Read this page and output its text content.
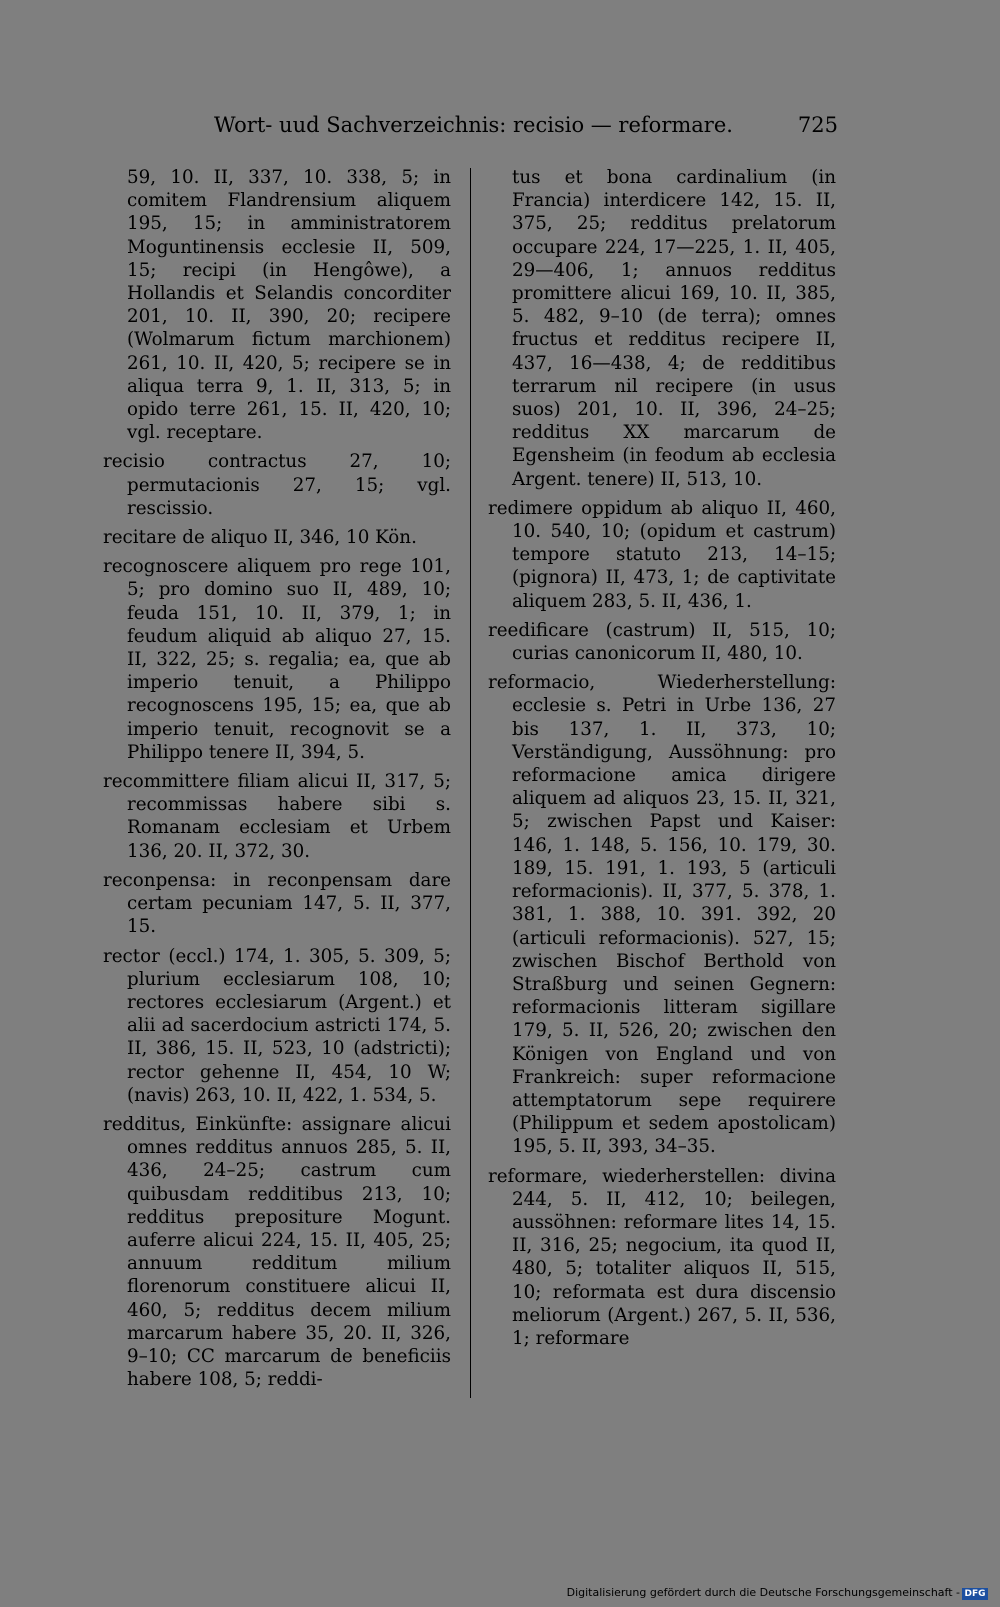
Wort- uud Sachverzeichnis: recisio — reformare.	725

59, 10. II, 337, 10. 338, 5; in comitem Flandrensium aliquem 195, 15; in amministratorem Moguntinensis ecclesie II, 509, 15; recipi (in Hengôwe), a Hollandis et Selandis concorditer 201, 10. II, 390, 20; recipere (Wolmarum fictum marchionem) 261, 10. II, 420, 5; recipere se in aliqua terra 9, 1. II, 313, 5; in opido terre 261, 15. II, 420, 10; vgl. receptare.

recisio contractus 27, 10; permutacionis 27, 15; vgl. rescissio.

recitare de aliquo II, 346, 10 Kön.

recognoscere aliquem pro rege 101, 5; pro domino suo II, 489, 10; feuda 151, 10. II, 379, 1; in feudum aliquid ab aliquo 27, 15. II, 322, 25; s. regalia; ea, que ab imperio tenuit, a Philippo recognoscens 195, 15; ea, que ab imperio tenuit, recognovit se a Philippo tenere II, 394, 5.

recommittere filiam alicui II, 317, 5; recommissas habere sibi s. Romanam ecclesiam et Urbem 136, 20. II, 372, 30.

reconpensa: in reconpensam dare certam pecuniam 147, 5. II, 377, 15.

rector (eccl.) 174, 1. 305, 5. 309, 5; plurium ecclesiarum 108, 10; rectores ecclesiarum (Argent.) et alii ad sacerdocium astricti 174, 5. II, 386, 15. II, 523, 10 (adstricti); rector gehenne II, 454, 10 W; (navis) 263, 10. II, 422, 1. 534, 5.

redditus, Einkünfte: assignare alicui omnes redditus annuos 285, 5. II, 436, 24–25; castrum cum quibusdam redditibus 213, 10; redditus prepositure Mogunt. auferre alicui 224, 15. II, 405, 25; annuum redditum milium florenorum constituere alicui II, 460, 5; redditus decem milium marcarum habere 35, 20. II, 326, 9–10; CC marcarum de beneficiis habere 108, 5; reddi-

tus et bona cardinalium (in Francia) interdicere 142, 15. II, 375, 25; redditus prelatorum occupare 224, 17—225, 1. II, 405, 29—406, 1; annuos redditus promittere alicui 169, 10. II, 385, 5. 482, 9–10 (de terra); omnes fructus et redditus recipere II, 437, 16—438, 4; de redditibus terrarum nil recipere (in usus suos) 201, 10. II, 396, 24–25; redditus XX marcarum de Egensheim (in feodum ab ecclesia Argent. tenere) II, 513, 10.

redimere oppidum ab aliquo II, 460, 10. 540, 10; (opidum et castrum) tempore statuto 213, 14–15; (pignora) II, 473, 1; de captivitate aliquem 283, 5. II, 436, 1.

reedificare (castrum) II, 515, 10; curias canonicorum II, 480, 10.

reformacio, Wiederherstellung: ecclesie s. Petri in Urbe 136, 27 bis 137, 1. II, 373, 10; Verständigung, Aussöhnung: pro reformacione amica dirigere aliquem ad aliquos 23, 15. II, 321, 5; zwischen Papst und Kaiser: 146, 1. 148, 5. 156, 10. 179, 30. 189, 15. 191, 1. 193, 5 (articuli reformacionis). II, 377, 5. 378, 1. 381, 1. 388, 10. 391. 392, 20 (articuli reformacionis). 527, 15; zwischen Bischof Berthold von Straßburg und seinen Gegnern: reformacionis litteram sigillare 179, 5. II, 526, 20; zwischen den Königen von England und von Frankreich: super reformacione attemptatorum sepe requirere (Philippum et sedem apostolicam) 195, 5. II, 393, 34–35.

reformare, wiederherstellen: divina 244, 5. II, 412, 10; beilegen, aussöhnen: reformare lites 14, 15. II, 316, 25; negocium, ita quod II, 480, 5; totaliter aliquos II, 515, 10; reformata est dura discensio meliorum (Argent.) 267, 5. II, 536, 1; reformare

Digitalisierung gefördert durch die Deutsche Forschungsgemeinschaft - DFG
